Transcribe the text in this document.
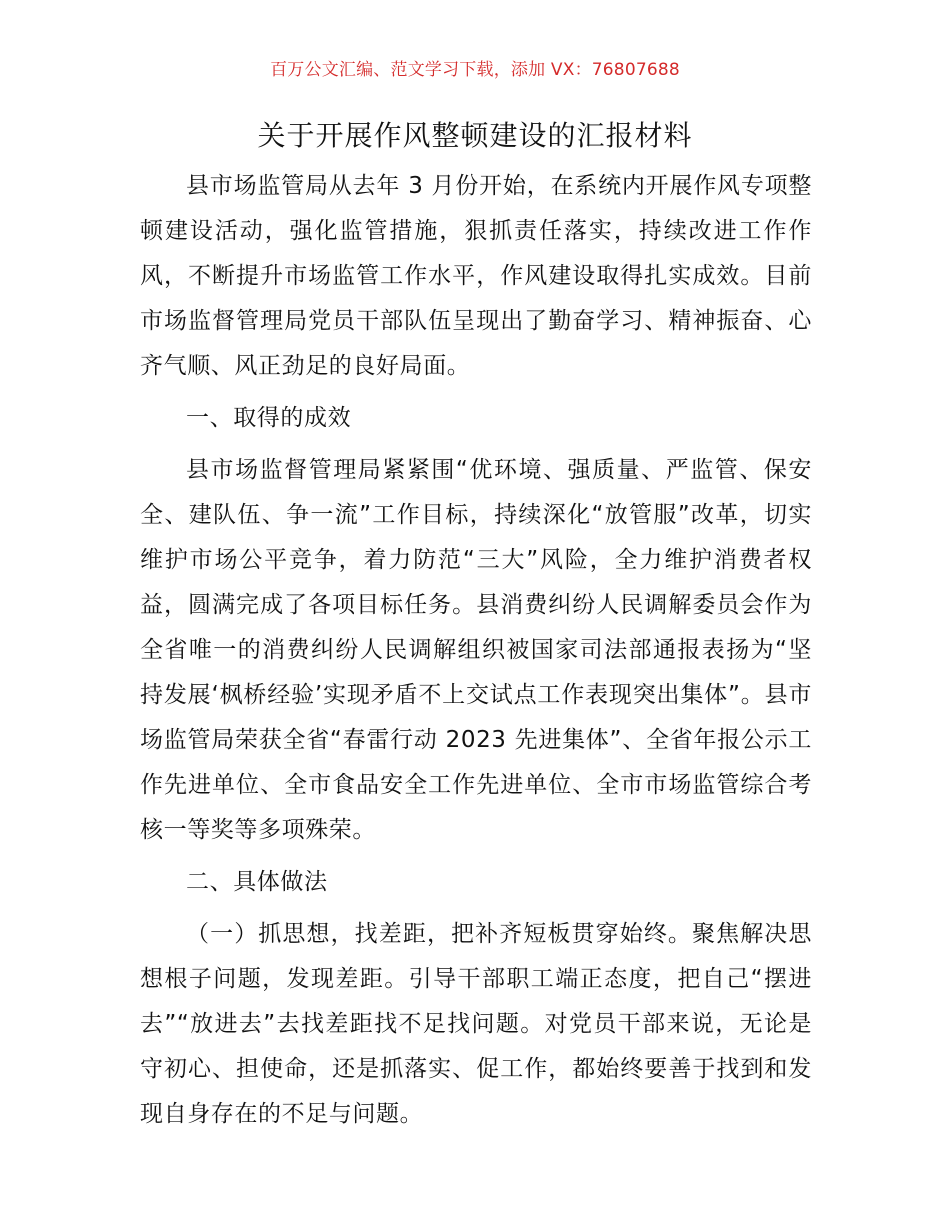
百万公文汇编、范文学习下载，添加 VX：76807688
关于开展作风整顿建设的汇报材料

县市场监管局从去年 3 月份开始，在系统内开展作风专项整顿建设活动，强化监管措施，狠抓责任落实，持续改进工作作风，不断提升市场监管工作水平，作风建设取得扎实成效。目前市场监督管理局党员干部队伍呈现出了勤奋学习、精神振奋、心齐气顺、风正劲足的良好局面。

一、取得的成效

县市场监督管理局紧紧围“优环境、强质量、严监管、保安全、建队伍、争一流”工作目标，持续深化“放管服”改革，切实维护市场公平竞争，着力防范“三大”风险，全力维护消费者权益，圆满完成了各项目标任务。县消费纠纷人民调解委员会作为全省唯一的消费纠纷人民调解组织被国家司法部通报表扬为“坚持发展‘枫桥经验’实现矛盾不上交试点工作表现突出集体”。县市场监管局荣获全省“春雷行动 2023 先进集体”、全省年报公示工作先进单位、全市食品安全工作先进单位、全市市场监管综合考核一等奖等多项殊荣。

二、具体做法

（一）抓思想，找差距，把补齐短板贯穿始终。聚焦解决思想根子问题，发现差距。引导干部职工端正态度，把自己“摆进去”“放进去”去找差距找不足找问题。对党员干部来说，无论是守初心、担使命，还是抓落实、促工作，都始终要善于找到和发现自身存在的不足与问题。
